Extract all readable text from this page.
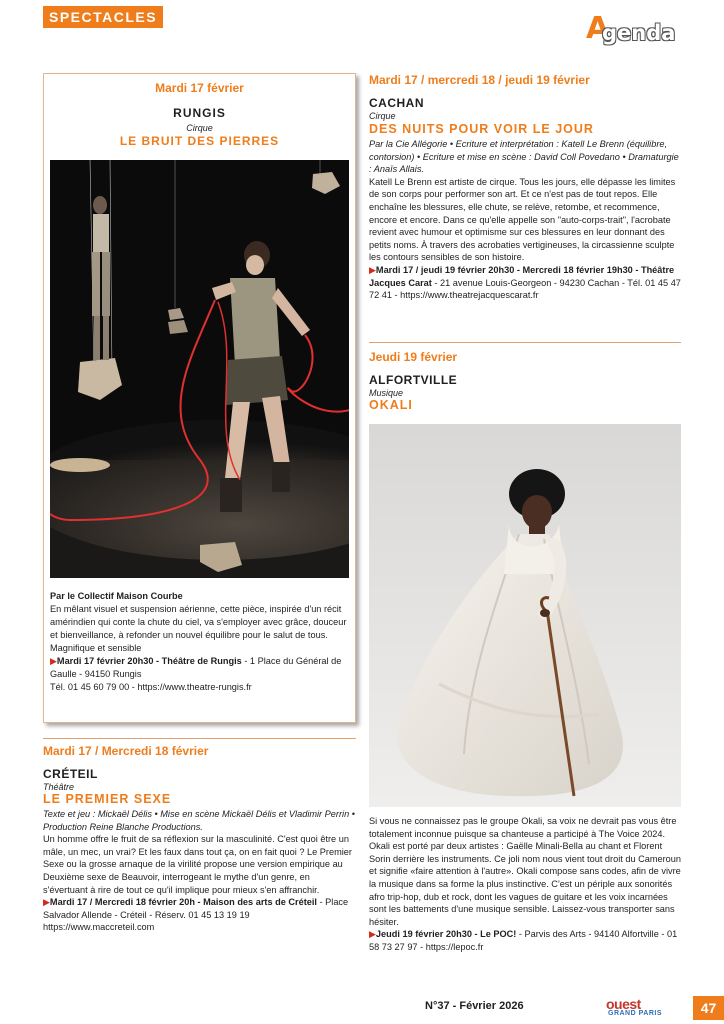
SPECTACLES	A
genda
Mardi 17 février
RUNGIS
Cirque
LE BRUIT DES PIERRES
Par le Collectif Maison Courbe
En mêlant visuel et suspension aérienne, cette pièce, inspirée d'un récit amérindien qui conte la chute du ciel, va s'employer avec grâce, douceur et bienveillance, à refonder un nouvel équilibre pour le salut de tous. Magnifique et sensible
▶Mardi 17 février 20h30 - Théâtre de Rungis - 1 Place du Général de Gaulle - 94150 Rungis
Tél. 01 45 60 79 00 - https://www.theatre-rungis.fr
Mardi 17 / Mercredi 18 février
CRÉTEIL
Théâtre
LE PREMIER SEXE
Texte et jeu : Mickaël Délis • Mise en scène Mickaël Délis et Vladimir Perrin • Production Reine Blanche Productions.
Un homme offre le fruit de sa réflexion sur la masculinité. C'est quoi être un mâle, un mec, un vrai? Et les faux dans tout ça, on en fait quoi ? Le Premier Sexe ou la grosse arnaque de la virilité propose une version empirique au Deuxième sexe de Beauvoir, interrogeant le mythe d'un genre, en s'évertuant à rire de tout ce qu'il implique pour mieux s'en affranchir.
▶Mardi 17 / Mercredi 18 février 20h - Maison des arts de Créteil - Place Salvador Allende - Créteil - Réserv. 01 45 13 19 19
https://www.maccreteil.com
Mardi 17 / mercredi 18 / jeudi 19 février
CACHAN
Cirque
DES NUITS POUR VOIR LE JOUR
Par la Cie Allégorie • Ecriture et interprétation : Katell Le Brenn (équilibre, contorsion) • Ecriture et mise en scène : David Coll Povedano • Dramaturgie : Anaïs Allais.
Katell Le Brenn est artiste de cirque. Tous les jours, elle dépasse les limites de son corps pour performer son art. Et ce n'est pas de tout repos. Elle enchaîne les blessures, elle chute, se relève, retombe, et recommence, encore et encore. Dans ce qu'elle appelle son "auto-corps-trait", l'acrobate revient avec humour et optimisme sur ces blessures en leur donnant des petits noms. À travers des acrobaties vertigineuses, la circassienne sculpte les contours sensibles de son histoire.
▶Mardi 17 / jeudi 19 février 20h30 - Mercredi 18 février 19h30 - Théâtre Jacques Carat - 21 avenue Louis-Georgeon - 94230 Cachan - Tél. 01 45 47 72 41 - https://www.theatrejacquescarat.fr
Jeudi 19 février
ALFORTVILLE
Musique
OKALI
Si vous ne connaissez pas le groupe Okali, sa voix ne devrait pas vous être totalement inconnue puisque sa chanteuse a participé à The Voice 2024. Okali est porté par deux artistes : Gaëlle Minali-Bella au chant et Florent Sorin derrière les instruments. Ce joli nom nous vient tout droit du Cameroun et signifie «faire attention à l'autre». Okali compose sans codes, afin de vivre la musique dans sa forme la plus instinctive. C'est un périple aux sonorités afro trip-hop, dub et rock, dont les vagues de guitare et les voix incarnées sont les battements d'une musique sensible. Laissez-vous transporter sans hésiter.
▶Jeudi 19 février 20h30 - Le POC! - Parvis des Arts - 94140 Alfortville - 01 58 73 27 97 - https://lepoc.fr
N°37 - Février 2026	ouest
GRAND PARIS	47
